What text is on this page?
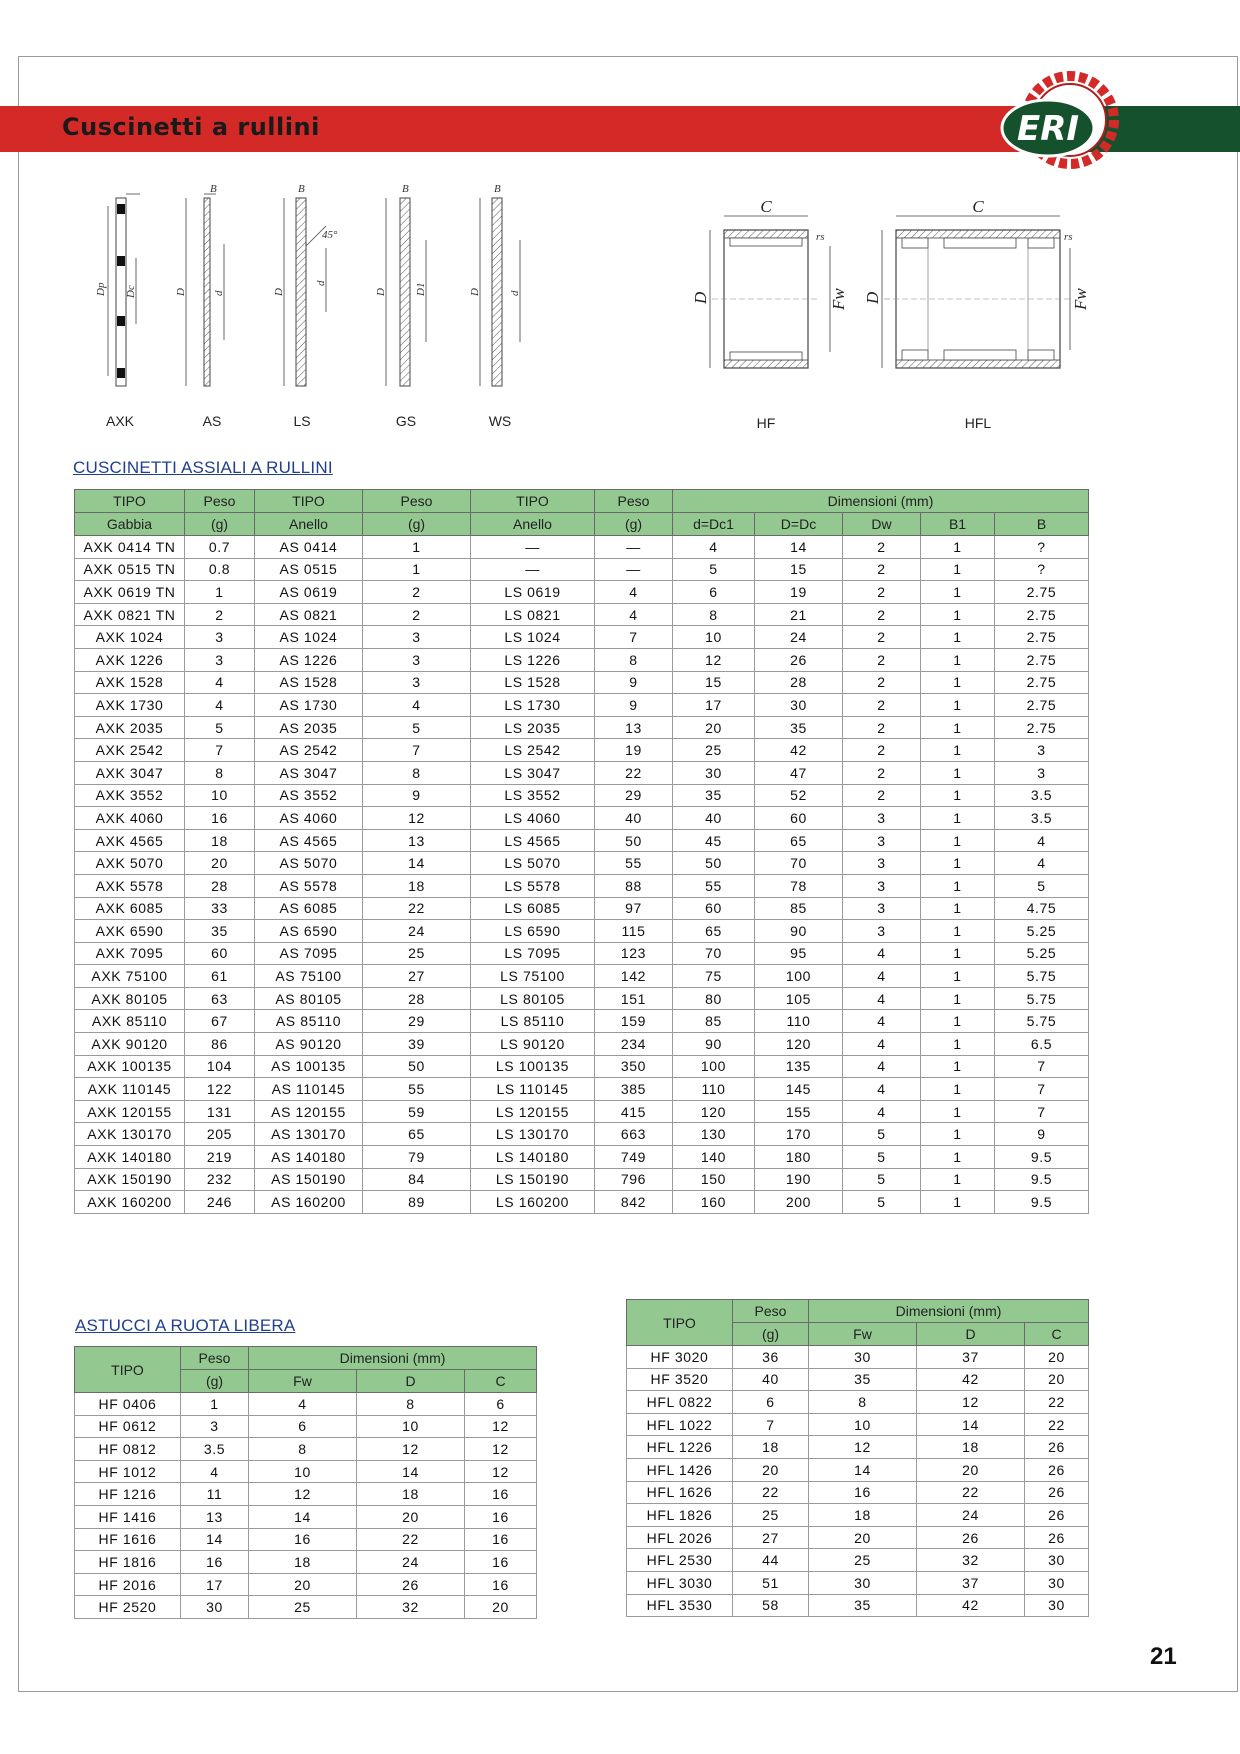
Cuscinetti a rullini	ERI
Dp Dc
AXK
D d
B
AS
D
d
45°
B
LS
D	D1
B
GS
D	d
B
WS
C
D	Fw
rs
HF
C
D	Fw
rs
HFL
CUSCINETTI ASSIALI A RULLINI
TIPO	Peso	TIPO	Peso	TIPO	Peso	Dimensioni (mm)				
Gabbia	(g)	Anello	(g)	Anello	(g)	d=Dc1	D=Dc	Dw	B1	B
AXK 0414 TN	0.7	AS 0414	1	—	—	4	14	2	1	?
AXK 0515 TN	0.8	AS 0515	1	—	—	5	15	2	1	?
AXK 0619 TN	1	AS 0619	2	LS 0619	4	6	19	2	1	2.75
AXK 0821 TN	2	AS 0821	2	LS 0821	4	8	21	2	1	2.75
AXK 1024	3	AS 1024	3	LS 1024	7	10	24	2	1	2.75
AXK 1226	3	AS 1226	3	LS 1226	8	12	26	2	1	2.75
AXK 1528	4	AS 1528	3	LS 1528	9	15	28	2	1	2.75
AXK 1730	4	AS 1730	4	LS 1730	9	17	30	2	1	2.75
AXK 2035	5	AS 2035	5	LS 2035	13	20	35	2	1	2.75
AXK 2542	7	AS 2542	7	LS 2542	19	25	42	2	1	3
AXK 3047	8	AS 3047	8	LS 3047	22	30	47	2	1	3
AXK 3552	10	AS 3552	9	LS 3552	29	35	52	2	1	3.5
AXK 4060	16	AS 4060	12	LS 4060	40	40	60	3	1	3.5
AXK 4565	18	AS 4565	13	LS 4565	50	45	65	3	1	4
AXK 5070	20	AS 5070	14	LS 5070	55	50	70	3	1	4
AXK 5578	28	AS 5578	18	LS 5578	88	55	78	3	1	5
AXK 6085	33	AS 6085	22	LS 6085	97	60	85	3	1	4.75
AXK 6590	35	AS 6590	24	LS 6590	115	65	90	3	1	5.25
AXK 7095	60	AS 7095	25	LS 7095	123	70	95	4	1	5.25
AXK 75100	61	AS 75100	27	LS 75100	142	75	100	4	1	5.75
AXK 80105	63	AS 80105	28	LS 80105	151	80	105	4	1	5.75
AXK 85110	67	AS 85110	29	LS 85110	159	85	110	4	1	5.75
AXK 90120	86	AS 90120	39	LS 90120	234	90	120	4	1	6.5
AXK 100135	104	AS 100135	50	LS 100135	350	100	135	4	1	7
AXK 110145	122	AS 110145	55	LS 110145	385	110	145	4	1	7
AXK 120155	131	AS 120155	59	LS 120155	415	120	155	4	1	7
AXK 130170	205	AS 130170	65	LS 130170	663	130	170	5	1	9
AXK 140180	219	AS 140180	79	LS 140180	749	140	180	5	1	9.5
AXK 150190	232	AS 150190	84	LS 150190	796	150	190	5	1	9.5
AXK 160200	246	AS 160200	89	LS 160200	842	160	200	5	1	9.5
ASTUCCI A RUOTA LIBERA
TIPO	Peso	Dimensioni (mm)		
	(g)	Fw	D	C
HF 0406	1	4	8	6
HF 0612	3	6	10	12
HF 0812	3.5	8	12	12
HF 1012	4	10	14	12
HF 1216	11	12	18	16
HF 1416	13	14	20	16
HF 1616	14	16	22	16
HF 1816	16	18	24	16
HF 2016	17	20	26	16
HF 2520	30	25	32	20
TIPO	Peso	Dimensioni (mm)		
	(g)	Fw	D	C
HF 3020	36	30	37	20
HF 3520	40	35	42	20
HFL 0822	6	8	12	22
HFL 1022	7	10	14	22
HFL 1226	18	12	18	26
HFL 1426	20	14	20	26
HFL 1626	22	16	22	26
HFL 1826	25	18	24	26
HFL 2026	27	20	26	26
HFL 2530	44	25	32	30
HFL 3030	51	30	37	30
HFL 3530	58	35	42	30
21
